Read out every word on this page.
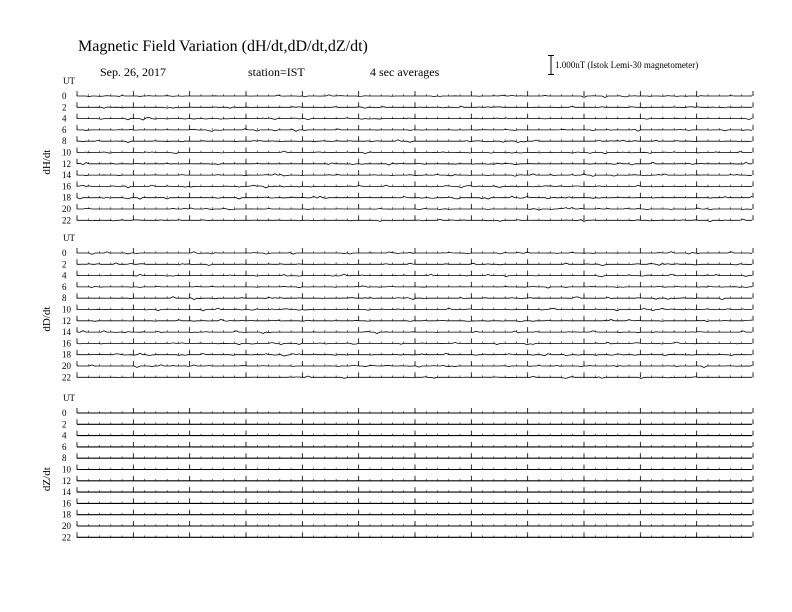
Magnetic Field Variation (dH/dt,dD/dt,dZ/dt)
Sep. 26, 2017	station=IST	4 sec averages	1.000nT (Istok Lemi-30 magnetometer)
UT
dH/dt
0
2
4
6
8
10
12
14
16
18
20
22
UT
dD/dt
0
2
4
6
8
10
12
14
16
18
20
22
UT
dZ/dt
0
2
4
6
8
10
12
14
16
18
20
22
